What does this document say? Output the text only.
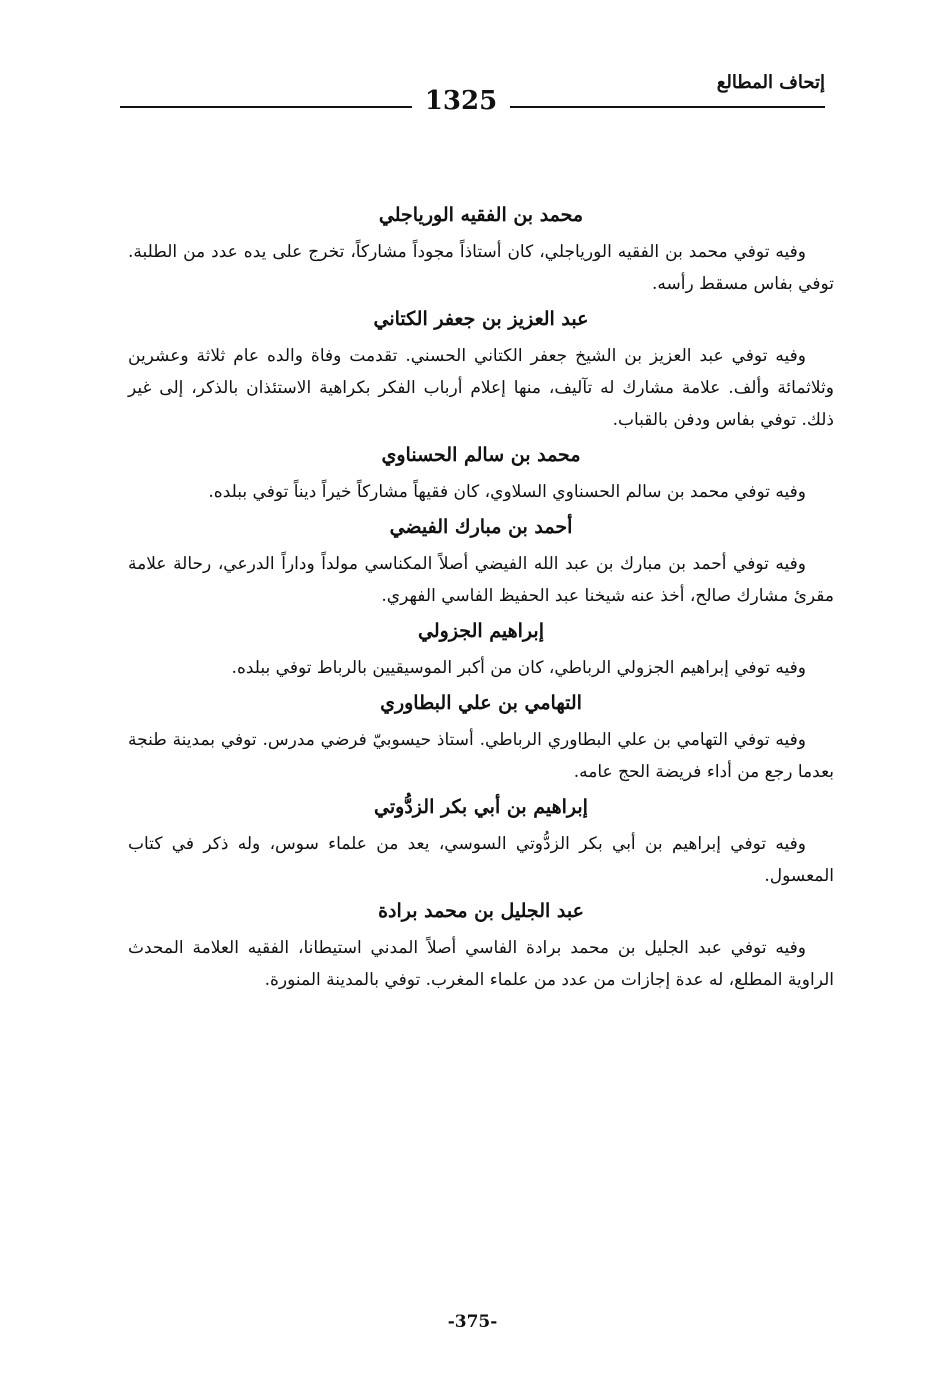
1325
إتحاف المطالع
محمد بن الفقيه الورياجلي

وفيه توفي محمد بن الفقيه الورياجلي، كان أستاذاً مجوداً مشاركاً، تخرج على يده عدد من الطلبة. توفي بفاس مسقط رأسه.

عبد العزيز بن جعفر الكتاني

وفيه توفي عبد العزيز بن الشيخ جعفر الكتاني الحسني. تقدمت وفاة والده عام ثلاثة وعشرين وثلاثمائة وألف. علامة مشارك له تآليف، منها إعلام أرباب الفكر بكراهية الاستئذان بالذكر، إلى غير ذلك. توفي بفاس ودفن بالقباب.

محمد بن سالم الحسناوي

وفيه توفي محمد بن سالم الحسناوي السلاوي، كان فقيهاً مشاركاً خيراً ديناً توفي ببلده.

أحمد بن مبارك الفيضي

وفيه توفي أحمد بن مبارك بن عبد الله الفيضي أصلاً المكناسي مولداً وداراً الدرعي، رحالة علامة مقرئ مشارك صالح، أخذ عنه شيخنا عبد الحفيظ الفاسي الفهري.

إبراهيم الجزولي

وفيه توفي إبراهيم الجزولي الرباطي، كان من أكبر الموسيقيين بالرباط توفي ببلده.

التهامي بن علي البطاوري

وفيه توفي التهامي بن علي البطاوري الرباطي. أستاذ حيسوبيّ فرضي مدرس. توفي بمدينة طنجة بعدما رجع من أداء فريضة الحج عامه.

إبراهيم بن أبي بكر الزدُّوتي

وفيه توفي إبراهيم بن أبي بكر الزدُّوتي السوسي، يعد من علماء سوس، وله ذكر في كتاب المعسول.

عبد الجليل بن محمد برادة

وفيه توفي عبد الجليل بن محمد برادة الفاسي أصلاً المدني استيطانا، الفقيه العلامة المحدث الراوية المطلع، له عدة إجازات من عدد من علماء المغرب. توفي بالمدينة المنورة.

-375-
